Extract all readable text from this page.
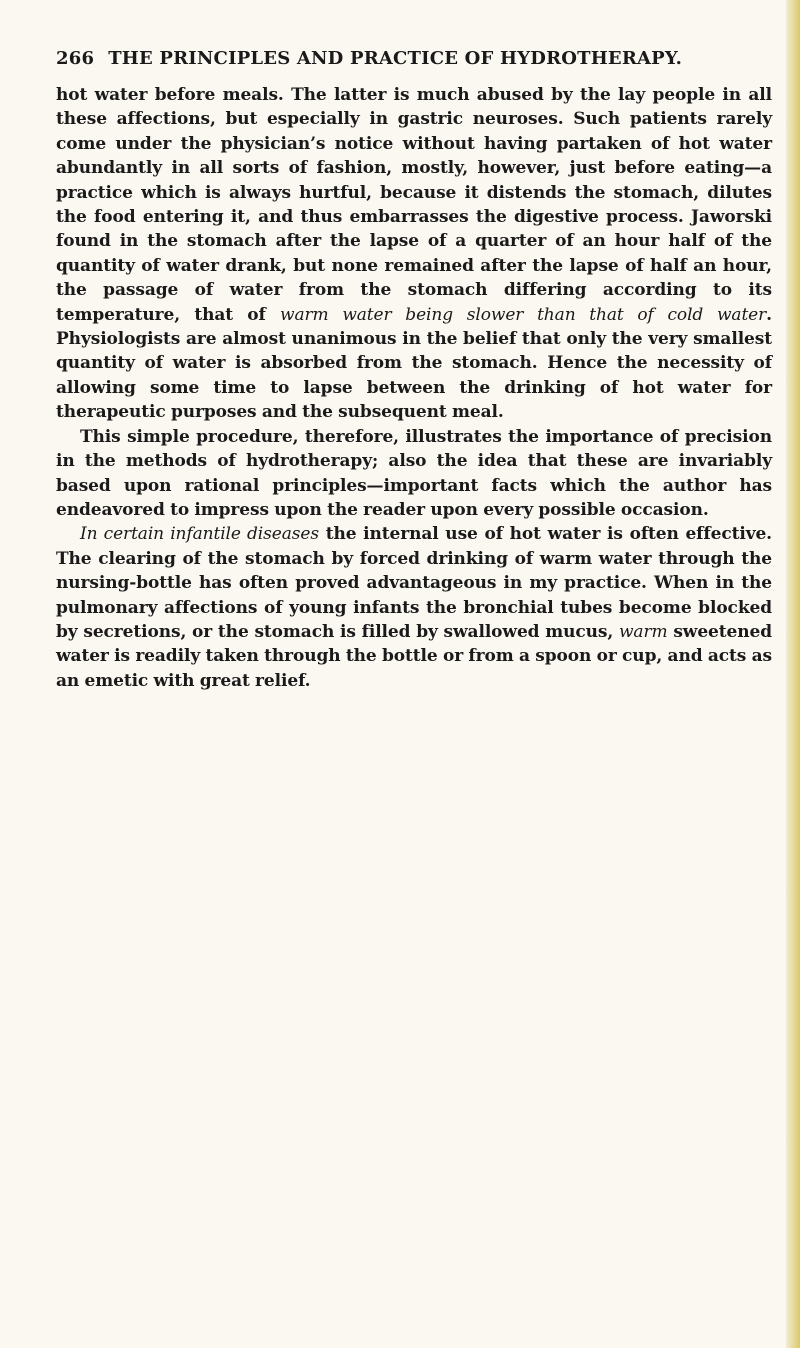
266 THE PRINCIPLES AND PRACTICE OF HYDROTHERAPY.

hot water before meals. The latter is much abused by the lay people in all these affections, but especially in gastric neuroses. Such patients rarely come under the physician’s notice without having partaken of hot water abundantly in all sorts of fashion, mostly, however, just before eating—a practice which is always hurtful, because it distends the stomach, dilutes the food entering it, and thus embarrasses the digestive process. Jaworski found in the stomach after the lapse of a quarter of an hour half of the quantity of water drank, but none remained after the lapse of half an hour, the passage of water from the stomach differing according to its temperature, that of warm water being slower than that of cold water. Physiologists are almost unanimous in the belief that only the very smallest quantity of water is absorbed from the stomach. Hence the necessity of allowing some time to lapse between the drinking of hot water for therapeutic purposes and the subsequent meal.

This simple procedure, therefore, illustrates the importance of precision in the methods of hydrotherapy; also the idea that these are invariably based upon rational principles—important facts which the author has endeavored to impress upon the reader upon every possible occasion.

In certain infantile diseases the internal use of hot water is often effective. The clearing of the stomach by forced drinking of warm water through the nursing-bottle has often proved advantageous in my practice. When in the pulmonary affections of young infants the bronchial tubes become blocked by secretions, or the stomach is filled by swallowed mucus, warm sweetened water is readily taken through the bottle or from a spoon or cup, and acts as an emetic with great relief.
